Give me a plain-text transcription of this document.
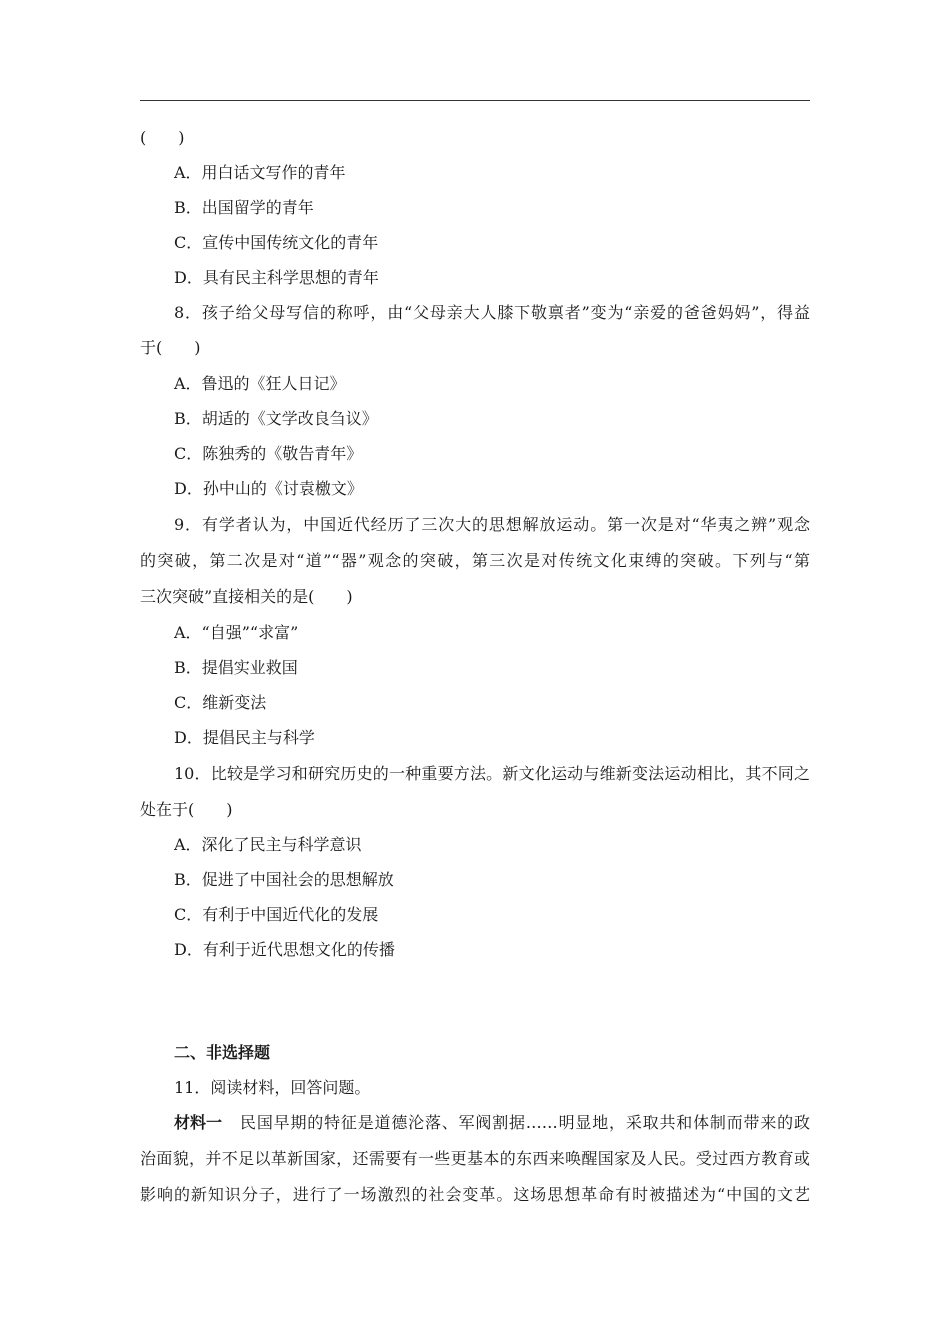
(　　)
A．用白话文写作的青年
B．出国留学的青年
C．宣传中国传统文化的青年
D．具有民主科学思想的青年
8．孩子给父母写信的称呼，由“父母亲大人膝下敬禀者”变为“亲爱的爸爸妈妈”，得益
于(　　)
A．鲁迅的《狂人日记》
B．胡适的《文学改良刍议》
C．陈独秀的《敬告青年》
D．孙中山的《讨袁檄文》
9．有学者认为，中国近代经历了三次大的思想解放运动。第一次是对“华夷之辨”观念
的突破，第二次是对“道”“器”观念的突破，第三次是对传统文化束缚的突破。下列与“第
三次突破”直接相关的是(　　)
A．“自强”“求富”
B．提倡实业救国
C．维新变法
D．提倡民主与科学
10．比较是学习和研究历史的一种重要方法。新文化运动与维新变法运动相比，其不同之
处在于(　　)
A．深化了民主与科学意识
B．促进了中国社会的思想解放
C．有利于中国近代化的发展
D．有利于近代思想文化的传播
二、非选择题
11．阅读材料，回答问题。
材料一 民国早期的特征是道德沦落、军阀割据……明显地，采取共和体制而带来的政
治面貌，并不足以革新国家，还需要有一些更基本的东西来唤醒国家及人民。受过西方教育或
影响的新知识分子，进行了一场激烈的社会变革。这场思想革命有时被描述为“中国的文艺
